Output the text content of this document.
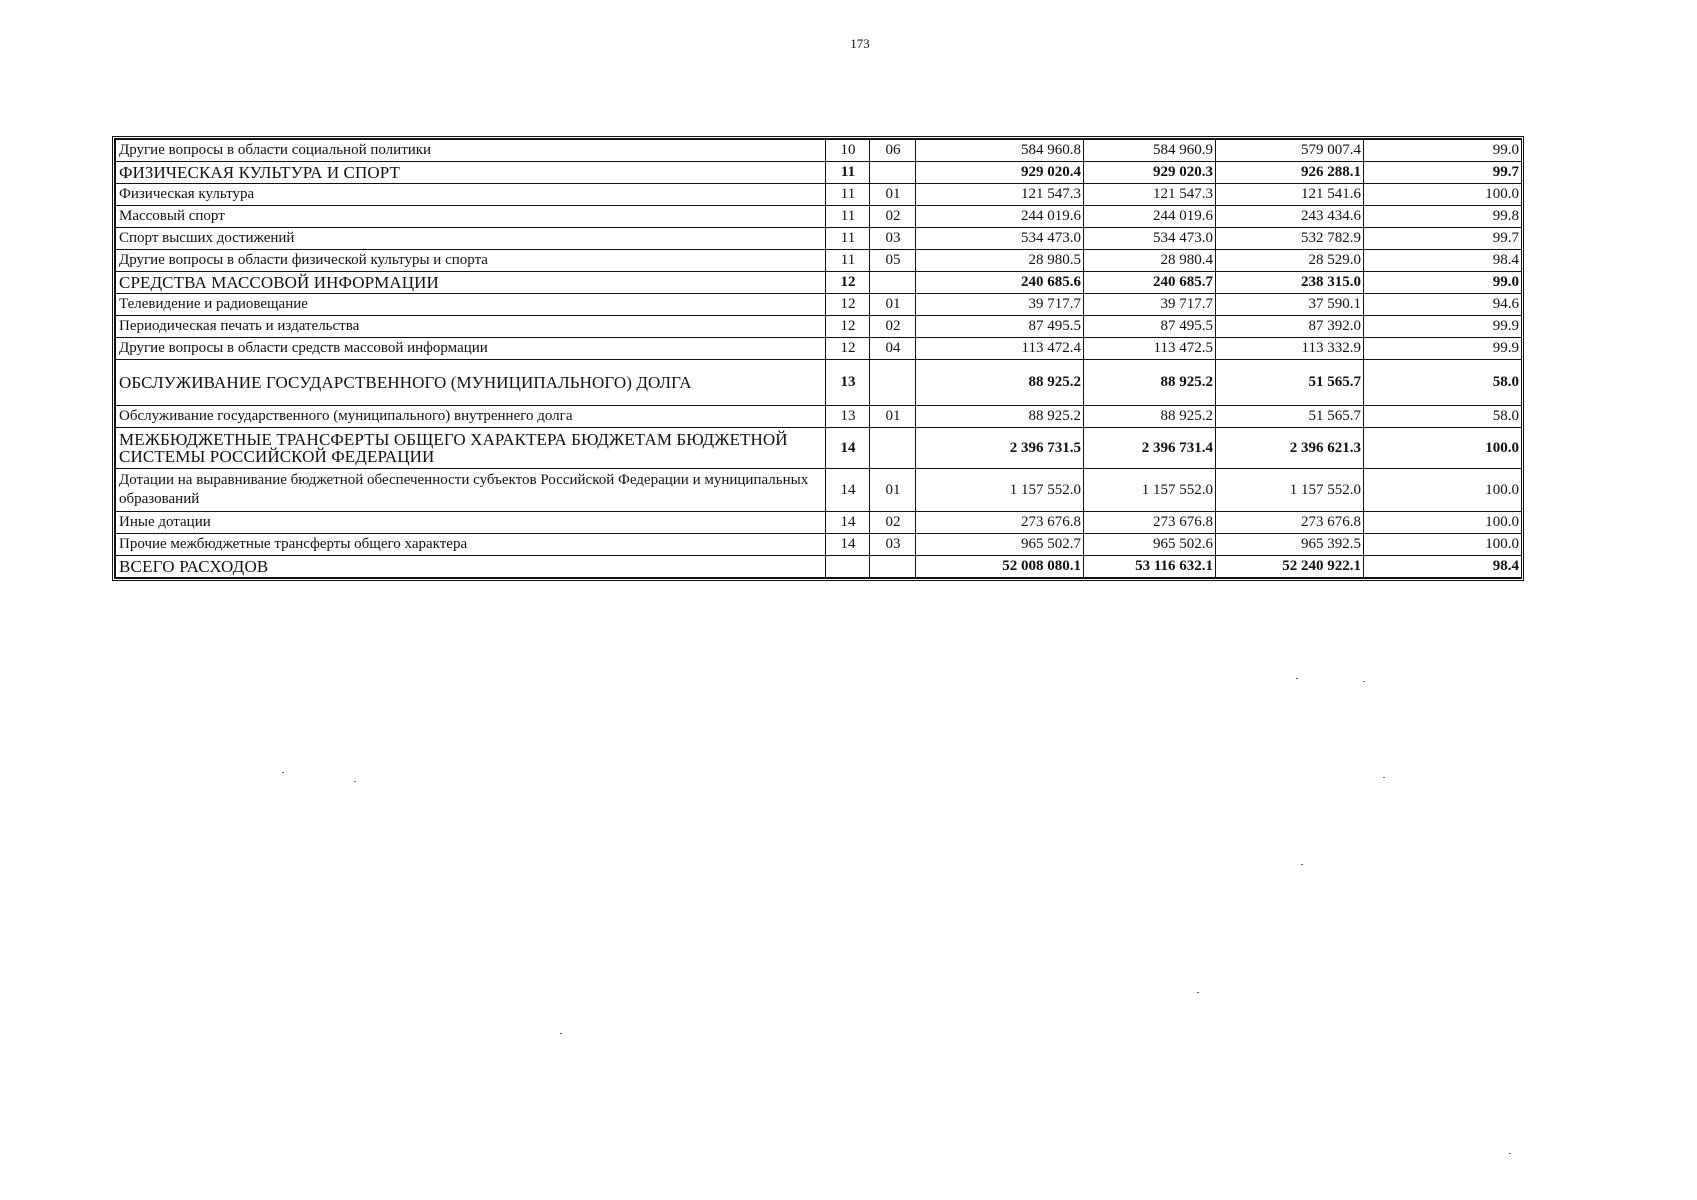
173
Другие вопросы в области социальной политики	10	06	584 960.8	584 960.9	579 007.4	99.0
ФИЗИЧЕСКАЯ КУЛЬТУРА И СПОРТ	11		929 020.4	929 020.3	926 288.1	99.7
Физическая культура	11	01	121 547.3	121 547.3	121 541.6	100.0
Массовый спорт	11	02	244 019.6	244 019.6	243 434.6	99.8
Спорт высших достижений	11	03	534 473.0	534 473.0	532 782.9	99.7
Другие вопросы в области физической культуры и спорта	11	05	28 980.5	28 980.4	28 529.0	98.4
СРЕДСТВА МАССОВОЙ ИНФОРМАЦИИ	12		240 685.6	240 685.7	238 315.0	99.0
Телевидение и радиовещание	12	01	39 717.7	39 717.7	37 590.1	94.6
Периодическая печать и издательства	12	02	87 495.5	87 495.5	87 392.0	99.9
Другие вопросы в области средств массовой информации	12	04	113 472.4	113 472.5	113 332.9	99.9
ОБСЛУЖИВАНИЕ ГОСУДАРСТВЕННОГО (МУНИЦИПАЛЬНОГО) ДОЛГА	13		88 925.2	88 925.2	51 565.7	58.0
Обслуживание государственного (муниципального) внутреннего долга	13	01	88 925.2	88 925.2	51 565.7	58.0
МЕЖБЮДЖЕТНЫЕ ТРАНСФЕРТЫ ОБЩЕГО ХАРАКТЕРА БЮДЖЕТАМ БЮДЖЕТНОЙ СИСТЕМЫ РОССИЙСКОЙ ФЕДЕРАЦИИ	14		2 396 731.5	2 396 731.4	2 396 621.3	100.0
Дотации на выравнивание бюджетной обеспеченности субъектов Российской Федерации и муниципальных образований	14	01	1 157 552.0	1 157 552.0	1 157 552.0	100.0
Иные дотации	14	02	273 676.8	273 676.8	273 676.8	100.0
Прочие межбюджетные трансферты общего характера	14	03	965 502.7	965 502.6	965 392.5	100.0
ВСЕГО РАСХОДОВ			52 008 080.1	53 116 632.1	52 240 922.1	98.4
